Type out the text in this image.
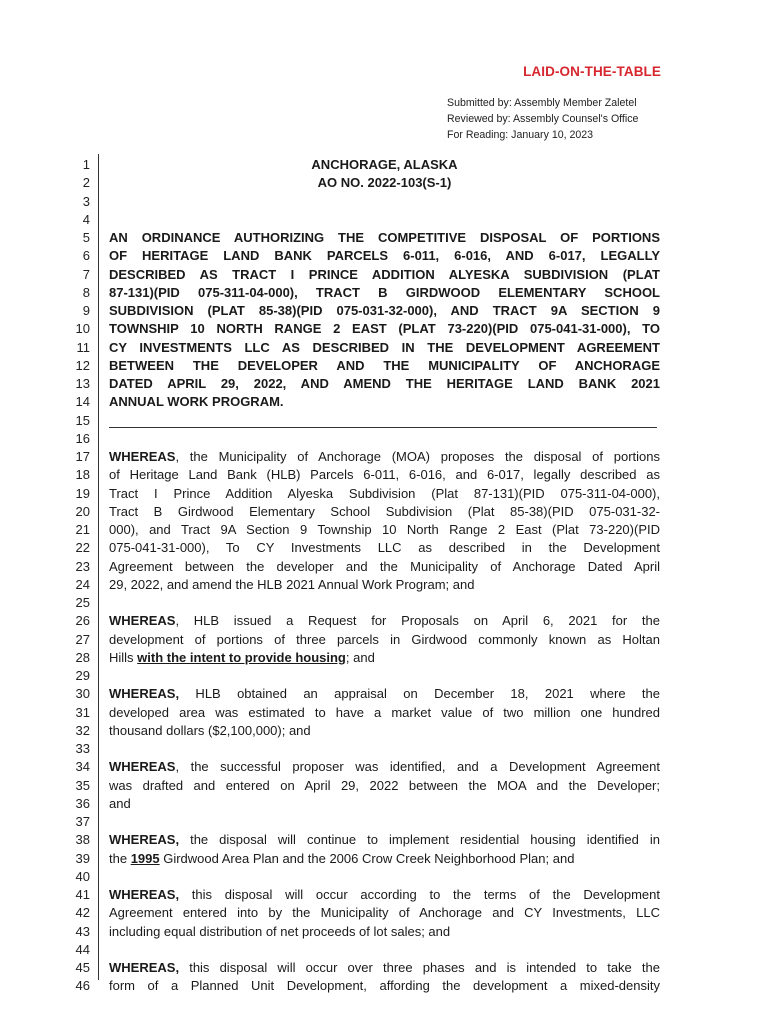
LAID-ON-THE-TABLE
Submitted by: Assembly Member Zaletel
Reviewed by: Assembly Counsel's Office
For Reading: January 10, 2023
1
2
3
4
5
6
7
8
9
10
11
12
13
14
15
16
17
18
19
20
21
22
23
24
25
26
27
28
29
30
31
32
33
34
35
36
37
38
39
40
41
42
43
44
45
46
ANCHORAGE, ALASKA
AO NO. 2022-103(S-1)
AN ORDINANCE AUTHORIZING THE COMPETITIVE DISPOSAL OF PORTIONS
OF HERITAGE LAND BANK PARCELS 6-011, 6-016, AND 6-017, LEGALLY
DESCRIBED AS TRACT I PRINCE ADDITION ALYESKA SUBDIVISION (PLAT
87-131)(PID 075-311-04-000), TRACT B GIRDWOOD ELEMENTARY SCHOOL
SUBDIVISION (PLAT 85-38)(PID 075-031-32-000), AND TRACT 9A SECTION 9
TOWNSHIP 10 NORTH RANGE 2 EAST (PLAT 73-220)(PID 075-041-31-000), TO
CY INVESTMENTS LLC AS DESCRIBED IN THE DEVELOPMENT AGREEMENT
BETWEEN THE DEVELOPER AND THE MUNICIPALITY OF ANCHORAGE
DATED APRIL 29, 2022, AND AMEND THE HERITAGE LAND BANK 2021
ANNUAL WORK PROGRAM.
WHEREAS, the Municipality of Anchorage (MOA) proposes the disposal of portions
of Heritage Land Bank (HLB) Parcels 6-011, 6-016, and 6-017, legally described as
Tract I Prince Addition Alyeska Subdivision (Plat 87-131)(PID 075-311-04-000),
Tract B Girdwood Elementary School Subdivision (Plat 85-38)(PID 075-031-32-
000), and Tract 9A Section 9 Township 10 North Range 2 East (Plat 73-220)(PID
075-041-31-000), To CY Investments LLC as described in the Development
Agreement between the developer and the Municipality of Anchorage Dated April
29, 2022, and amend the HLB 2021 Annual Work Program; and
WHEREAS, HLB issued a Request for Proposals on April 6, 2021 for the
development of portions of three parcels in Girdwood commonly known as Holtan
Hills with the intent to provide housing; and
WHEREAS, HLB obtained an appraisal on December 18, 2021 where the
developed area was estimated to have a market value of two million one hundred
thousand dollars ($2,100,000); and
WHEREAS, the successful proposer was identified, and a Development Agreement
was drafted and entered on April 29, 2022 between the MOA and the Developer;
and
WHEREAS, the disposal will continue to implement residential housing identified in
the 1995 Girdwood Area Plan and the 2006 Crow Creek Neighborhood Plan; and
WHEREAS, this disposal will occur according to the terms of the Development
Agreement entered into by the Municipality of Anchorage and CY Investments, LLC
including equal distribution of net proceeds of lot sales; and
WHEREAS, this disposal will occur over three phases and is intended to take the
form of a Planned Unit Development, affording the development a mixed-density
